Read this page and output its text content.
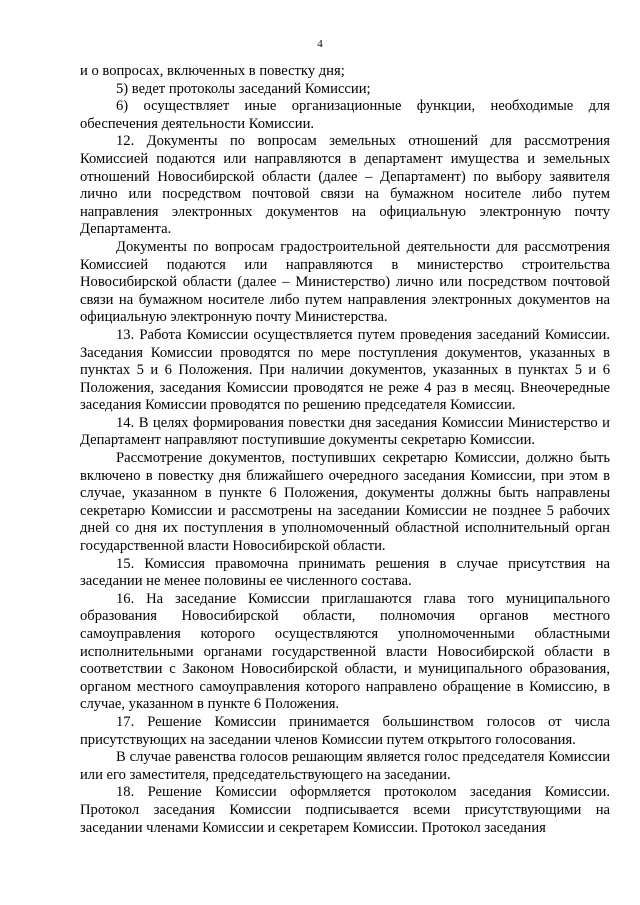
4

и о вопросах, включенных в повестку дня;

5) ведет протоколы заседаний Комиссии;

6) осуществляет иные организационные функции, необходимые для обеспечения деятельности Комиссии.

12. Документы по вопросам земельных отношений для рассмотрения Комиссией подаются или направляются в департамент имущества и земельных отношений Новосибирской области (далее – Департамент) по выбору заявителя лично или посредством почтовой связи на бумажном носителе либо путем направления электронных документов на официальную электронную почту Департамента.

Документы по вопросам градостроительной деятельности для рассмотрения Комиссией подаются или направляются в министерство строительства Новосибирской области (далее – Министерство) лично или посредством почтовой связи на бумажном носителе либо путем направления электронных документов на официальную электронную почту Министерства.

13. Работа Комиссии осуществляется путем проведения заседаний Комиссии. Заседания Комиссии проводятся по мере поступления документов, указанных в пунктах 5 и 6 Положения. При наличии документов, указанных в пунктах 5 и 6 Положения, заседания Комиссии проводятся не реже 4 раз в месяц. Внеочередные заседания Комиссии проводятся по решению председателя Комиссии.

14. В целях формирования повестки дня заседания Комиссии Министерство и Департамент направляют поступившие документы секретарю Комиссии.

Рассмотрение документов, поступивших секретарю Комиссии, должно быть включено в повестку дня ближайшего очередного заседания Комиссии, при этом в случае, указанном в пункте 6 Положения, документы должны быть направлены секретарю Комиссии и рассмотрены на заседании Комиссии не позднее 5 рабочих дней со дня их поступления в уполномоченный областной исполнительный орган государственной власти Новосибирской области.

15. Комиссия правомочна принимать решения в случае присутствия на заседании не менее половины ее численного состава.

16. На заседание Комиссии приглашаются глава того муниципального образования Новосибирской области, полномочия органов местного самоуправления которого осуществляются уполномоченными областными исполнительными органами государственной власти Новосибирской области в соответствии с Законом Новосибирской области, и муниципального образования, органом местного самоуправления которого направлено обращение в Комиссию, в случае, указанном в пункте 6 Положения.

17. Решение Комиссии принимается большинством голосов от числа присутствующих на заседании членов Комиссии путем открытого голосования.

В случае равенства голосов решающим является голос председателя Комиссии или его заместителя, председательствующего на заседании.

18. Решение Комиссии оформляется протоколом заседания Комиссии. Протокол заседания Комиссии подписывается всеми присутствующими на заседании членами Комиссии и секретарем Комиссии. Протокол заседания
